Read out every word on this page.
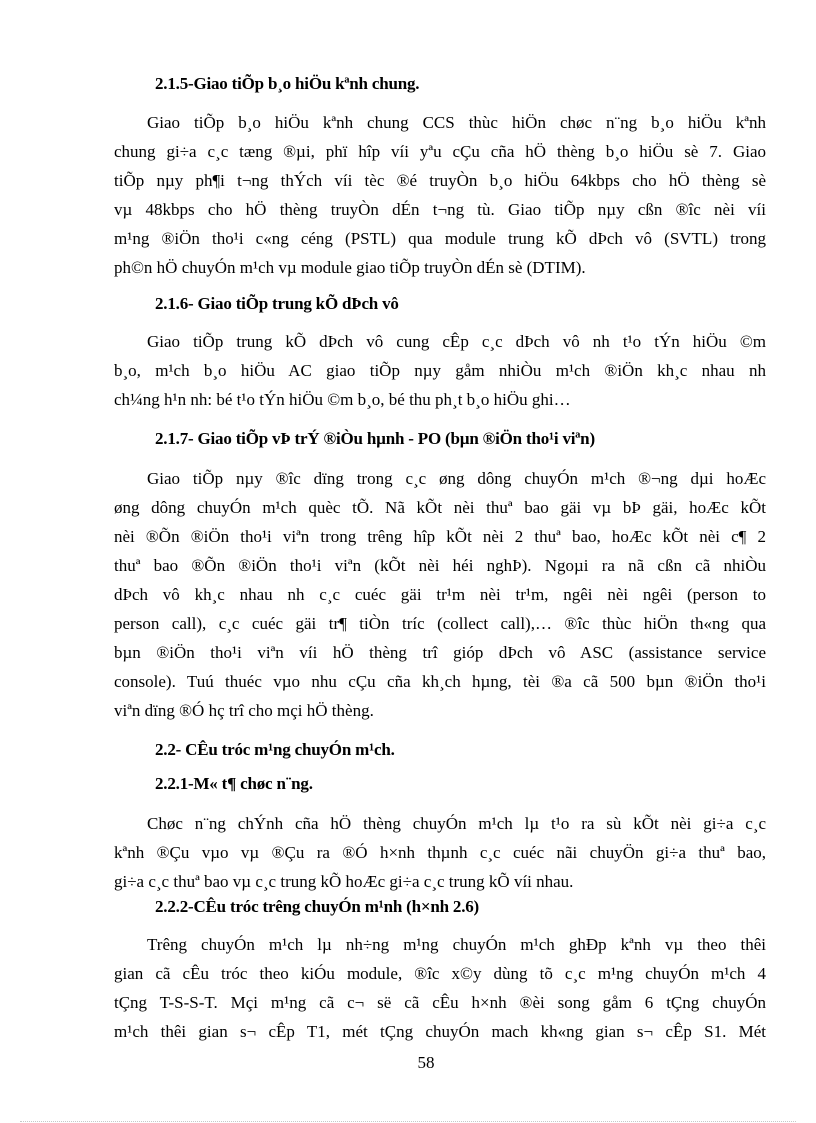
2.1.5-Giao tiÕp b¸o hiÖu kªnh chung.
Giao tiÕp b¸o hiÖu kªnh chung CCS thùc hiÖn chøc n¨ng b¸o hiÖu kªnh
chung gi÷a c¸c tæng ®µi, phï hîp víi yªu cÇu cña hÖ thèng b¸o hiÖu sè 7. Giao
tiÕp nµy ph¶i t¬ng thÝch víi tèc ®é truyÒn b¸o hiÖu 64kbps cho hÖ thèng sè
vµ 48kbps cho hÖ thèng truyÒn dÉn t¬ng tù. Giao tiÕp nµy cßn ®îc nèi víi
m¹ng ®iÖn tho¹i c«ng céng (PSTL) qua module trung kÕ dÞch vô (SVTL) trong
ph©n hÖ chuyÓn m¹ch vµ module giao tiÕp truyÒn dÉn sè (DTIM).
2.1.6- Giao tiÕp trung kÕ dÞch vô
Giao tiÕp trung kÕ dÞch vô cung cÊp c¸c dÞch vô nh t¹o tÝn hiÖu ©m
b¸o, m¹ch b¸o hiÖu AC giao tiÕp nµy gåm nhiÒu m¹ch ®iÖn kh¸c nhau nh
ch¼ng h¹n nh: bé t¹o tÝn hiÖu ©m b¸o, bé thu ph¸t b¸o hiÖu ghi…
2.1.7- Giao tiÕp vÞ trÝ ®iÒu hµnh - PO (bµn ®iÖn tho¹i viªn)
Giao tiÕp nµy ®îc dïng trong c¸c øng dông chuyÓn m¹ch ®¬ng dµi hoÆc
øng dông chuyÓn m¹ch quèc tÕ. Nã kÕt nèi thuª bao gäi vµ bÞ gäi, hoÆc kÕt
nèi ®Õn ®iÖn tho¹i viªn trong trêng hîp kÕt nèi 2 thuª bao, hoÆc kÕt nèi c¶ 2
thuª bao ®Õn ®iÖn tho¹i viªn (kÕt nèi héi nghÞ). Ngoµi ra nã cßn cã nhiÒu
dÞch vô kh¸c nhau nh c¸c cuéc gäi tr¹m nèi tr¹m, ngêi nèi ngêi (person to
person call), c¸c cuéc gäi tr¶ tiÒn tríc (collect call),… ®îc thùc hiÖn th«ng qua
bµn ®iÖn tho¹i viªn víi hÖ thèng trî gióp dÞch vô ASC (assistance service
console). Tuú thuéc vµo nhu cÇu cña kh¸ch hµng, tèi ®a cã 500 bµn ®iÖn tho¹i
viªn dïng ®Ó hç trî cho mçi hÖ thèng.
2.2- CÊu tróc m¹ng chuyÓn m¹ch.
2.2.1-M« t¶ chøc n¨ng.
Chøc n¨ng chÝnh cña hÖ thèng chuyÓn m¹ch lµ t¹o ra sù kÕt nèi gi÷a c¸c
kªnh ®Çu vµo vµ ®Çu ra ®Ó h×nh thµnh c¸c cuéc nãi chuyÖn gi÷a thuª bao,
gi÷a c¸c thuª bao vµ c¸c trung kÕ hoÆc gi÷a c¸c trung kÕ víi nhau.
2.2.2-CÊu tróc trêng chuyÓn m¹nh (h×nh 2.6)
Trêng chuyÓn m¹ch lµ nh÷ng m¹ng chuyÓn m¹ch ghÐp kªnh vµ theo thêi
gian cã cÊu tróc theo kiÓu module, ®îc x©y dùng tõ c¸c m¹ng chuyÓn m¹ch 4
tÇng T-S-S-T. Mçi m¹ng cã c¬ së cã cÊu h×nh ®èi song gåm 6 tÇng chuyÓn
m¹ch thêi gian s¬ cÊp T1, mét tÇng chuyÓn mach kh«ng gian s¬ cÊp S1. Mét
58
